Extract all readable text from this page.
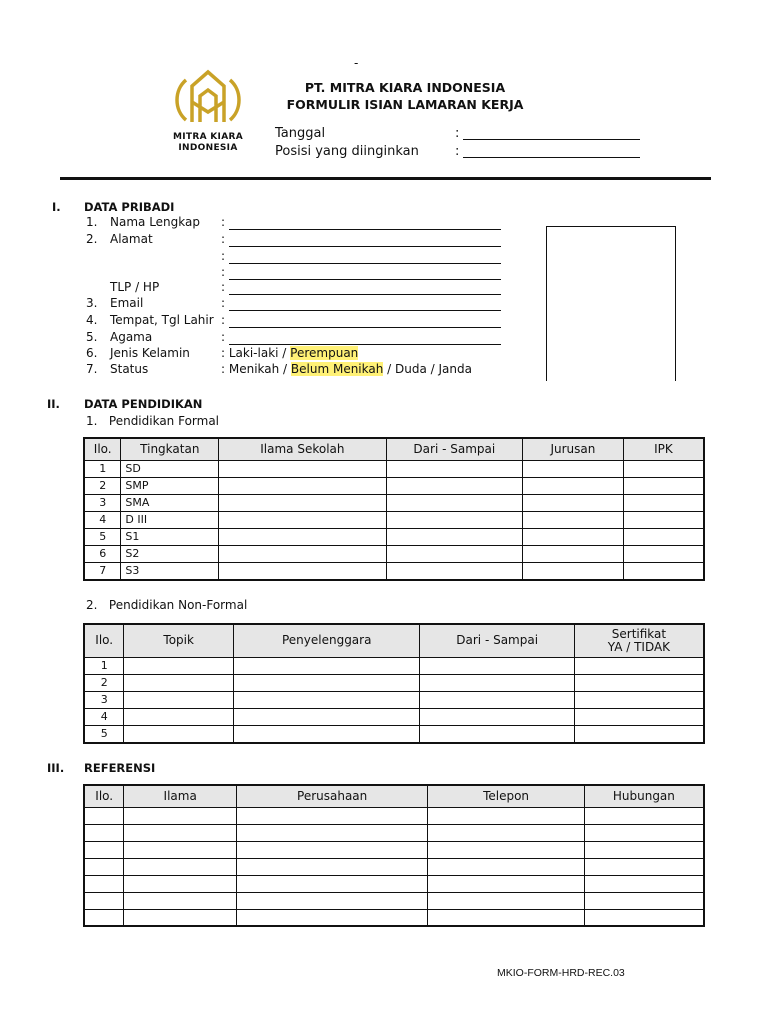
-
MITRA KIARA
INDONESIA
PT. MITRA KIARA INDONESIA
FORMULIR ISIAN LAMARAN KERJA
Tanggal	:
Posisi yang diinginkan	:
I. DATA PRIBADI
1. Nama Lengkap :
2. Alamat	:
:
:
TLP / HP	:
3. Email	:
4. Tempat, Tgl Lahir :
5. Agama	:
6. Jenis Kelamin	: Laki-laki / Perempuan
7. Status	: Menikah / Belum Menikah / Duda / Janda
II. DATA PENDIDIKAN
1.   Pendidikan Formal
Ilo.	Tingkatan	Ilama Sekolah	Dari - Sampai	Jurusan	IPK
1	SD				
2	SMP				
3	SMA				
4	D III				
5	S1				
6	S2				
7	S3				
2.   Pendidikan Non-Formal
Ilo.	Topik	Penyelenggara	Dari - Sampai	Sertifikat
YA / TIDAK

1				
2				
3				
4				
5				
III. REFERENSI
Ilo.	Ilama	Perusahaan	Telepon	Hubungan

MKIO-FORM-HRD-REC.03
